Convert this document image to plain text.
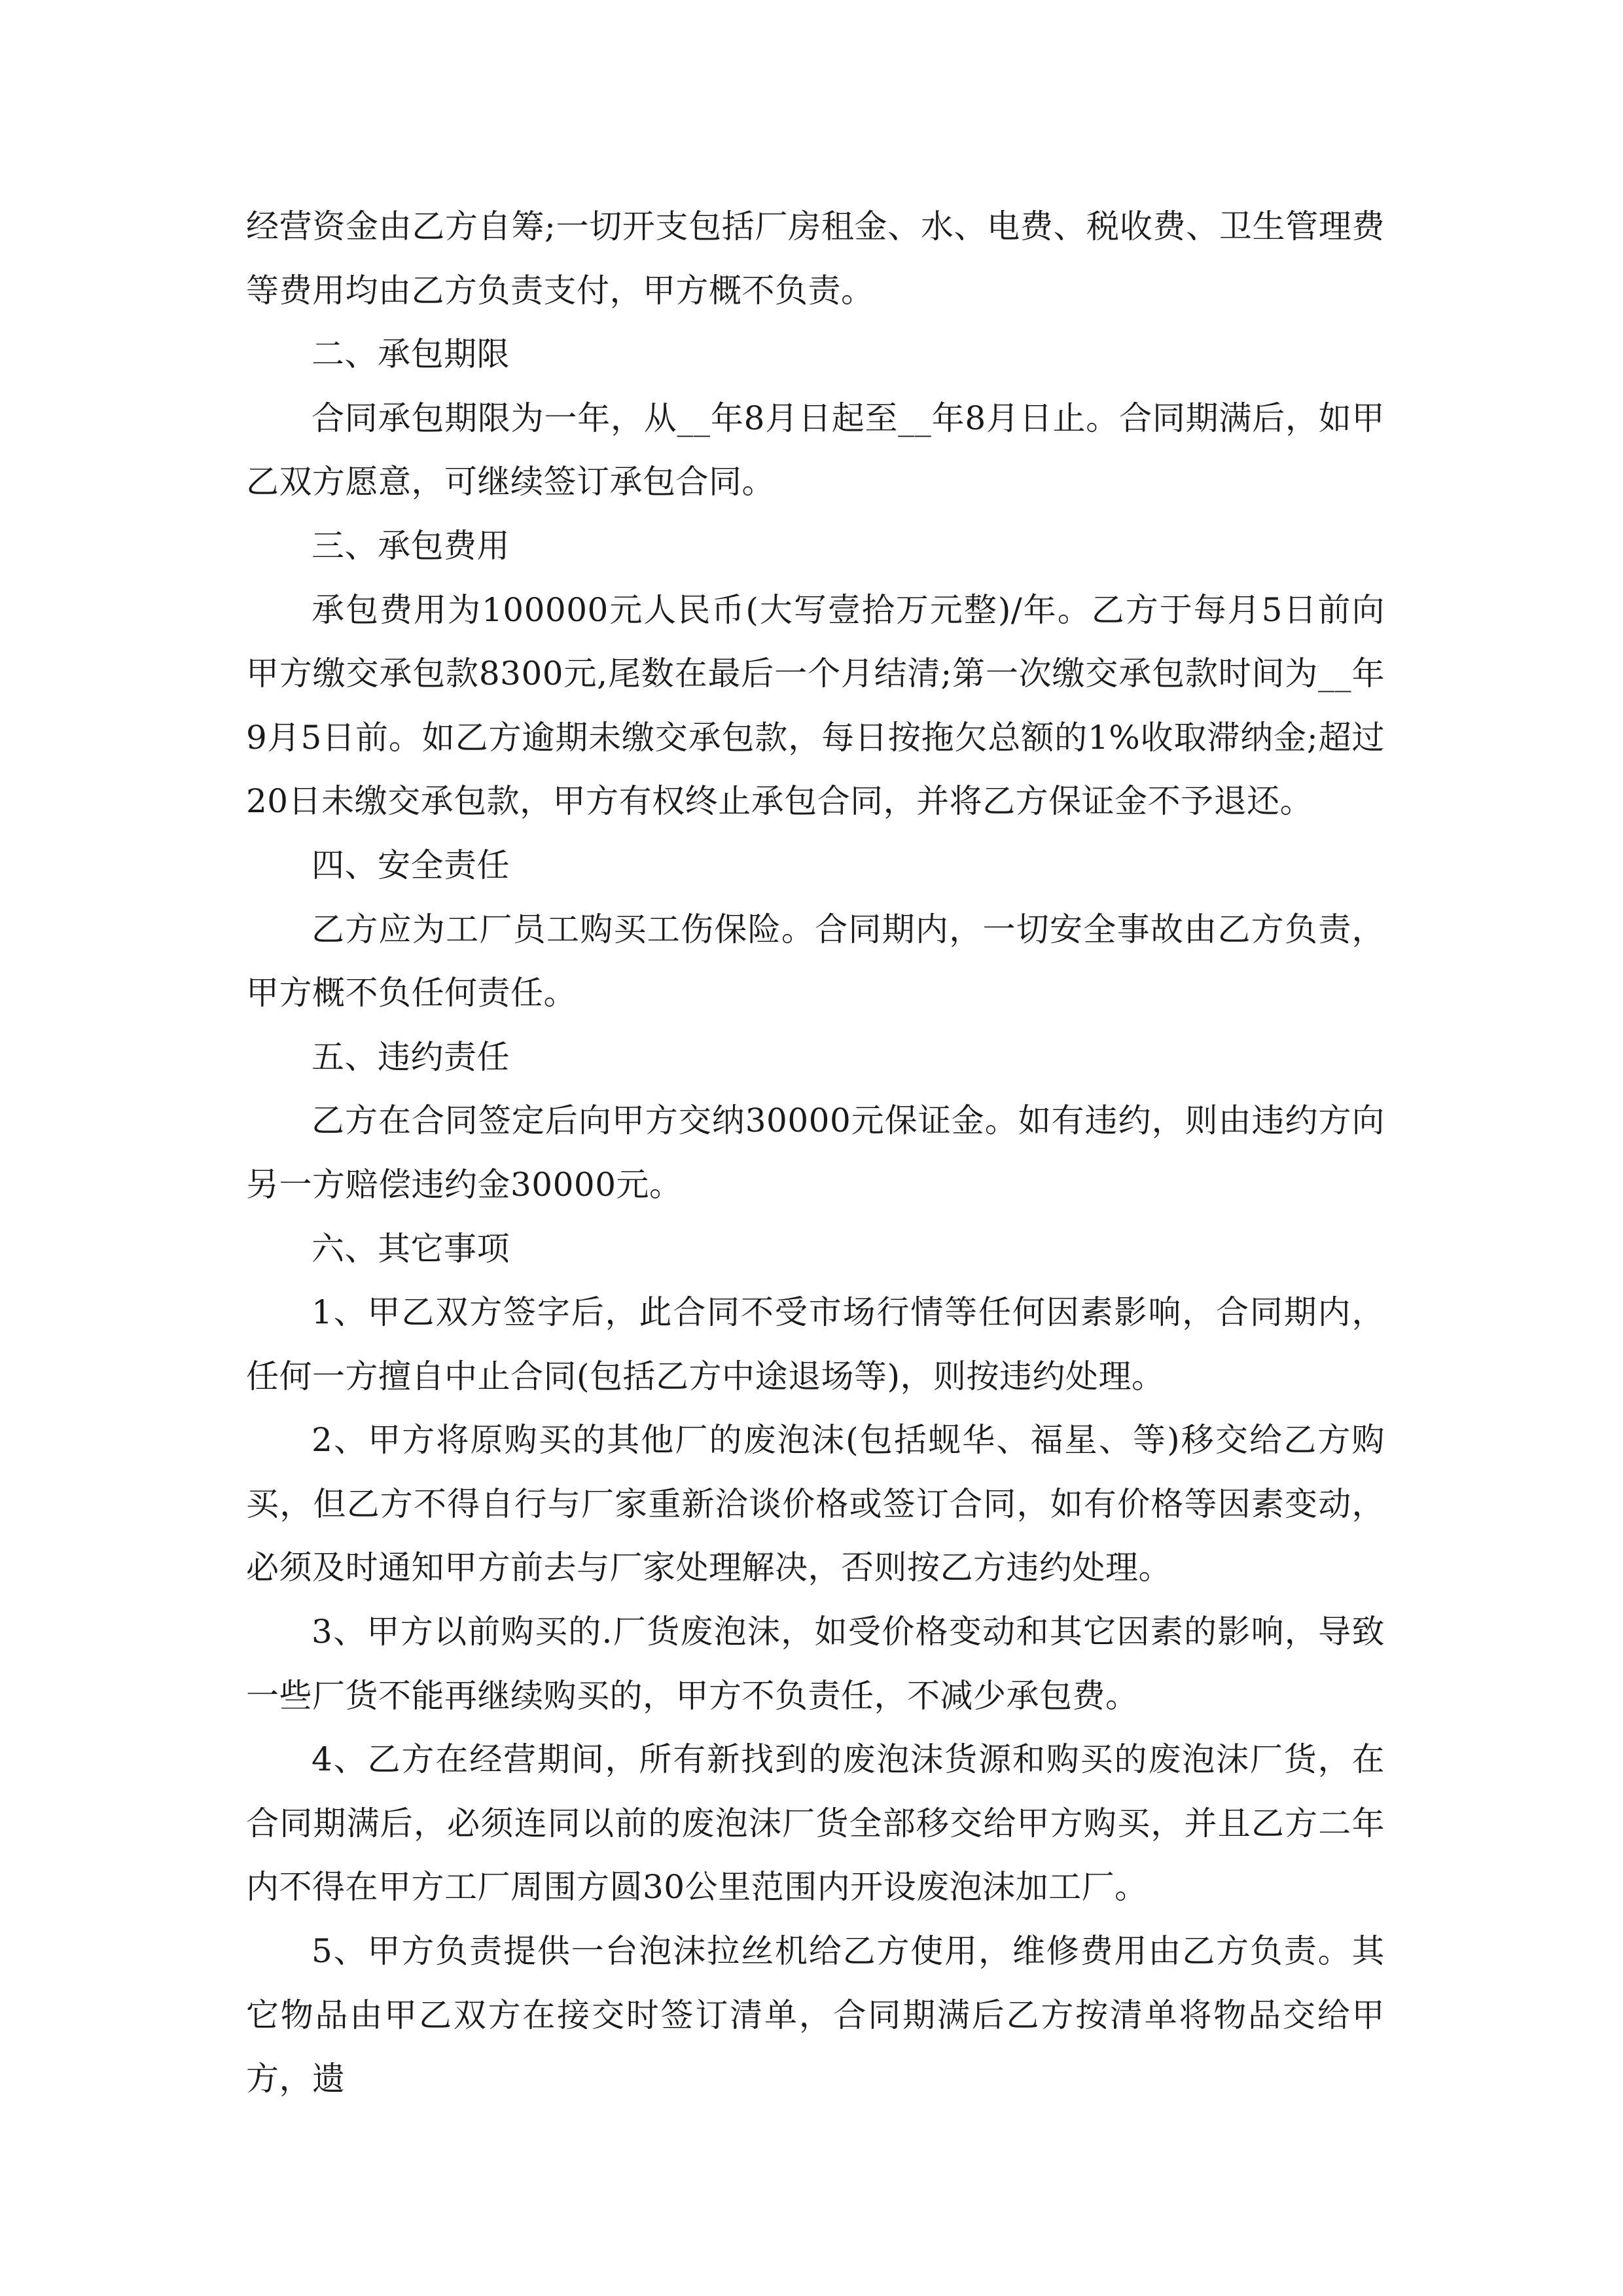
经营资金由乙方自筹;一切开支包括厂房租金、水、电费、税收费、卫生管理费等费用均由乙方负责支付，甲方概不负责。

二、承包期限

合同承包期限为一年，从__年8月日起至__年8月日止。合同期满后，如甲乙双方愿意，可继续签订承包合同。

三、承包费用

承包费用为100000元人民币(大写壹拾万元整)/年。乙方于每月5日前向甲方缴交承包款8300元,尾数在最后一个月结清;第一次缴交承包款时间为__年9月5日前。如乙方逾期未缴交承包款，每日按拖欠总额的1%收取滞纳金;超过20日未缴交承包款，甲方有权终止承包合同，并将乙方保证金不予退还。

四、安全责任

乙方应为工厂员工购买工伤保险。合同期内，一切安全事故由乙方负责，甲方概不负任何责任。

五、违约责任

乙方在合同签定后向甲方交纳30000元保证金。如有违约，则由违约方向另一方赔偿违约金30000元。

六、其它事项

1、甲乙双方签字后，此合同不受市场行情等任何因素影响，合同期内，任何一方擅自中止合同(包括乙方中途退场等)，则按违约处理。

2、甲方将原购买的其他厂的废泡沫(包括蚬华、福星、等)移交给乙方购买，但乙方不得自行与厂家重新洽谈价格或签订合同，如有价格等因素变动，必须及时通知甲方前去与厂家处理解决，否则按乙方违约处理。

3、甲方以前购买的.厂货废泡沫，如受价格变动和其它因素的影响，导致一些厂货不能再继续购买的，甲方不负责任，不减少承包费。

4、乙方在经营期间，所有新找到的废泡沫货源和购买的废泡沫厂货，在合同期满后，必须连同以前的废泡沫厂货全部移交给甲方购买，并且乙方二年内不得在甲方工厂周围方圆30公里范围内开设废泡沫加工厂。

5、甲方负责提供一台泡沫拉丝机给乙方使用，维修费用由乙方负责。其它物品由甲乙双方在接交时签订清单，合同期满后乙方按清单将物品交给甲方，遗
